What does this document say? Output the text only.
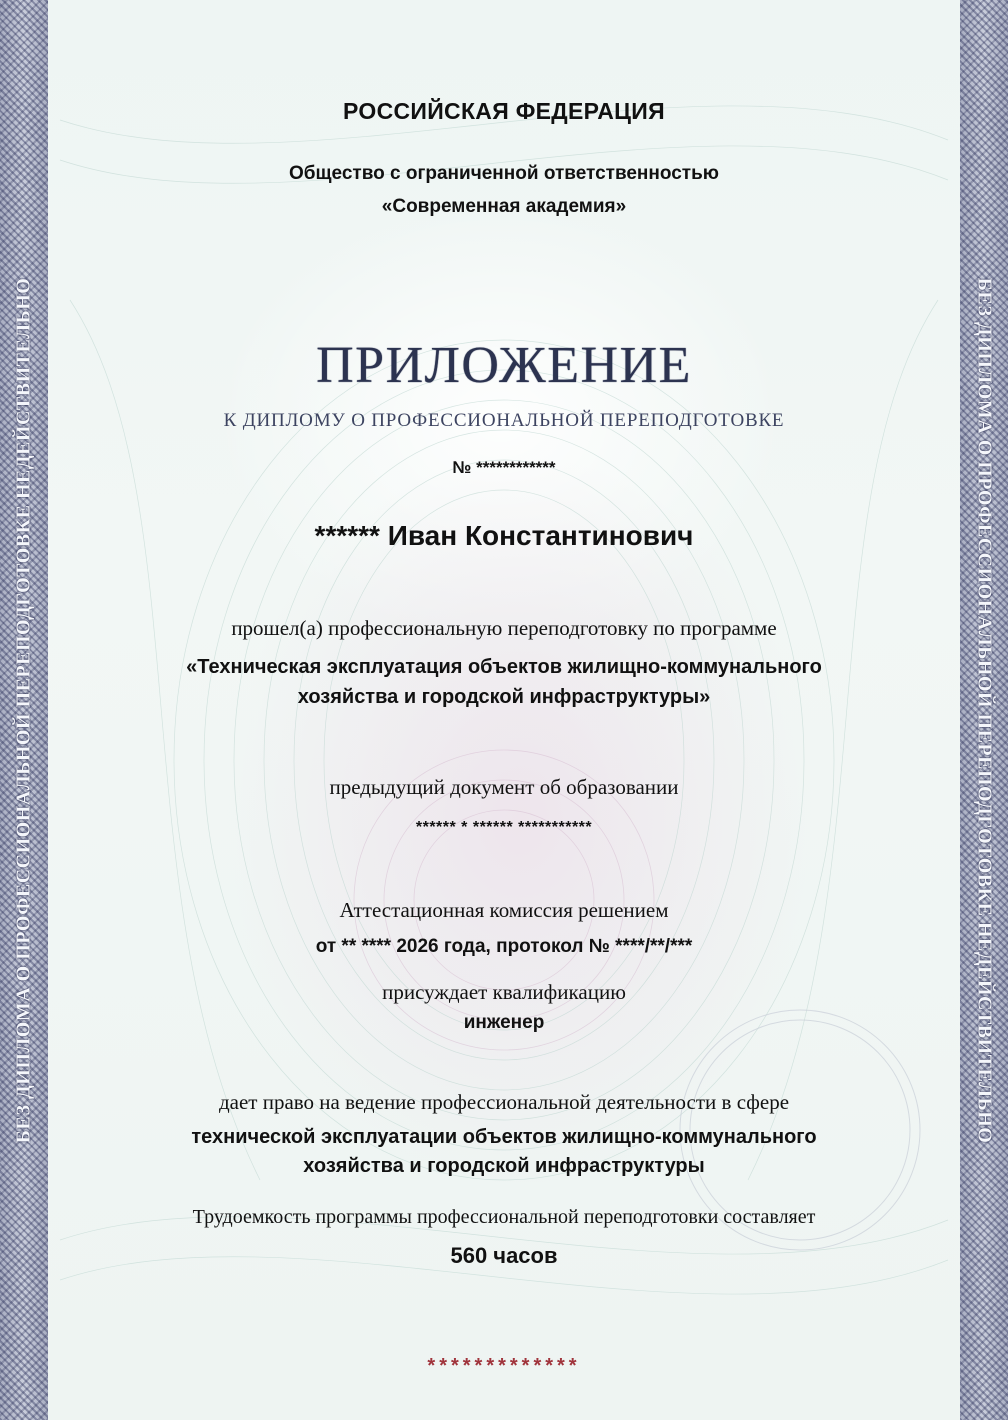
БЕЗ ДИПЛОМА О ПРОФЕССИОНАЛЬНОЙ ПЕРЕПОДГОТОВКЕ НЕДЕЙСТВИТЕЛЬНО	БЕЗ ДИПЛОМА О ПРОФЕССИОНАЛЬНОЙ ПЕРЕПОДГОТОВКЕ НЕДЕЙСТВИТЕЛЬНО
РОССИЙСКАЯ ФЕДЕРАЦИЯ
Общество с ограниченной ответственностью
«Современная академия»
ПРИЛОЖЕНИЕ
К ДИПЛОМУ О ПРОФЕССИОНАЛЬНОЙ ПЕРЕПОДГОТОВКЕ
№ ************
****** Иван Константинович
прошел(а) профессиональную переподготовку по программе
«Техническая эксплуатация объектов жилищно-коммунального хозяйства и городской инфраструктуры»
предыдущий документ об образовании
****** * ****** ***********
Аттестационная комиссия решением
от ** **** 2026 года, протокол № ****/**/***
присуждает квалификацию
инженер
дает право на ведение профессиональной деятельности в сфере
технической эксплуатации объектов жилищно-коммунального хозяйства и городской инфраструктуры
Трудоемкость программы профессиональной переподготовки составляет
560 часов
*************
